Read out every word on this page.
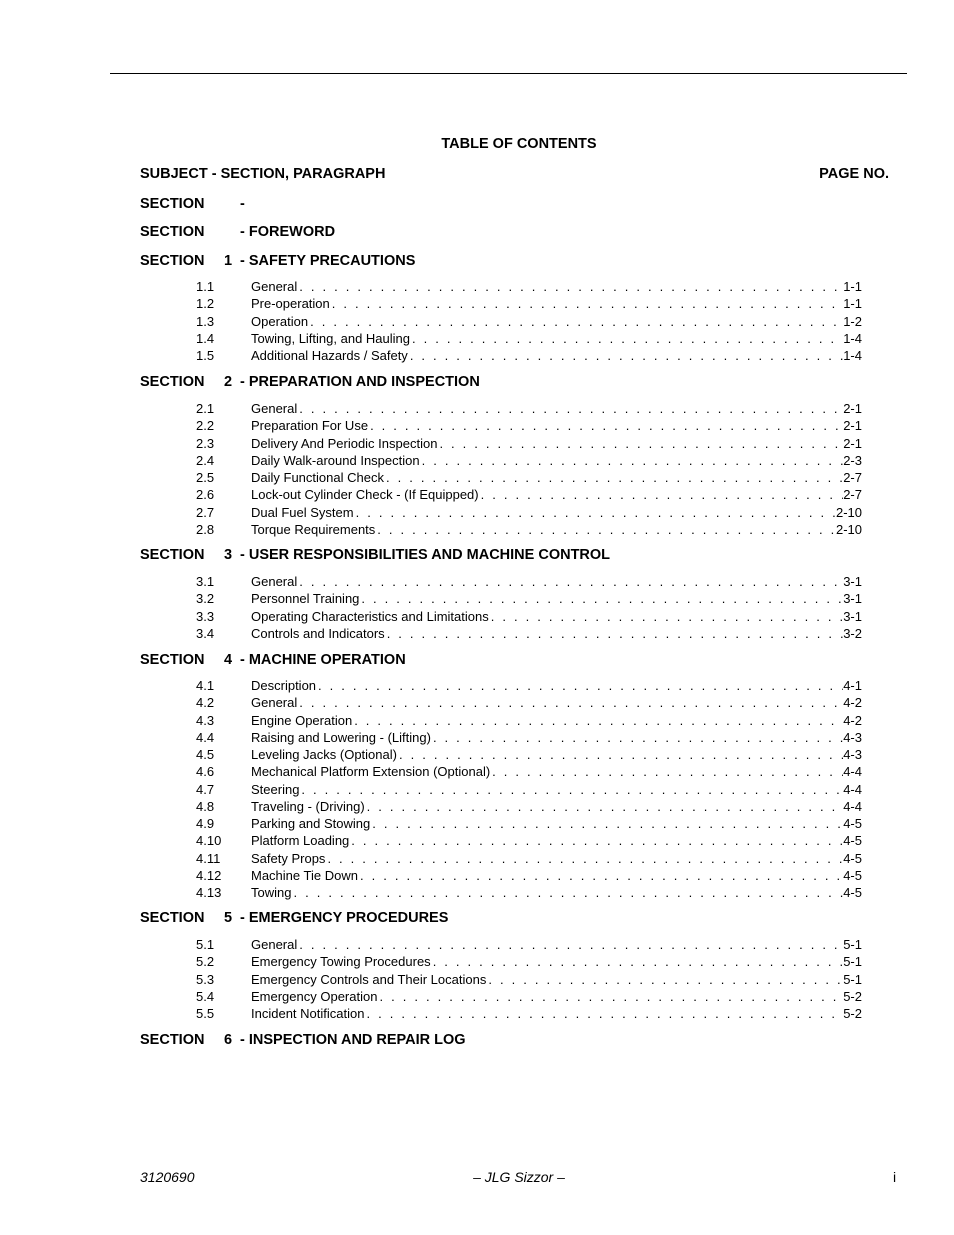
TABLE OF CONTENTS
SUBJECT - SECTION, PARAGRAPH	PAGE NO.
SECTION -
SECTION - FOREWORD
SECTION 1 - SAFETY PRECAUTIONS
1.1	General . . .	1-1
1.2	Pre-operation . . .	1-1
1.3	Operation . . .	1-2
1.4	Towing, Lifting, and Hauling . . .	1-4
1.5	Additional Hazards / Safety . . .	1-4
SECTION 2 - PREPARATION AND INSPECTION
2.1	General . . .	2-1
2.2	Preparation For Use . . .	2-1
2.3	Delivery And Periodic Inspection . . .	2-1
2.4	Daily Walk-around Inspection . . .	2-3
2.5	Daily Functional Check . . .	2-7
2.6	Lock-out Cylinder Check - (If Equipped) . . .	2-7
2.7	Dual Fuel System . . .	2-10
2.8	Torque Requirements . . .	2-10
SECTION 3 - USER RESPONSIBILITIES AND MACHINE CONTROL
3.1	General . . .	3-1
3.2	Personnel Training . . .	3-1
3.3	Operating Characteristics and Limitations . . .	3-1
3.4	Controls and Indicators . . .	3-2
SECTION 4 - MACHINE OPERATION
4.1	Description . . .	4-1
4.2	General . . .	4-2
4.3	Engine Operation . . .	4-2
4.4	Raising and Lowering - (Lifting) . . .	4-3
4.5	Leveling Jacks (Optional) . . .	4-3
4.6	Mechanical Platform Extension (Optional) . . .	4-4
4.7	Steering . . .	4-4
4.8	Traveling - (Driving) . . .	4-4
4.9	Parking and Stowing . . .	4-5
4.10 Platform Loading . . .	4-5
4.11 Safety Props . . .	4-5
4.12 Machine Tie Down . . .	4-5
4.13 Towing . . .	4-5
SECTION 5 - EMERGENCY PROCEDURES
5.1	General . . .	5-1
5.2	Emergency Towing Procedures . . .	5-1
5.3	Emergency Controls and Their Locations . . .	5-1
5.4	Emergency Operation . . .	5-2
5.5	Incident Notification . . .	5-2
SECTION 6 - INSPECTION AND REPAIR LOG
3120690	– JLG Sizzor –	i
